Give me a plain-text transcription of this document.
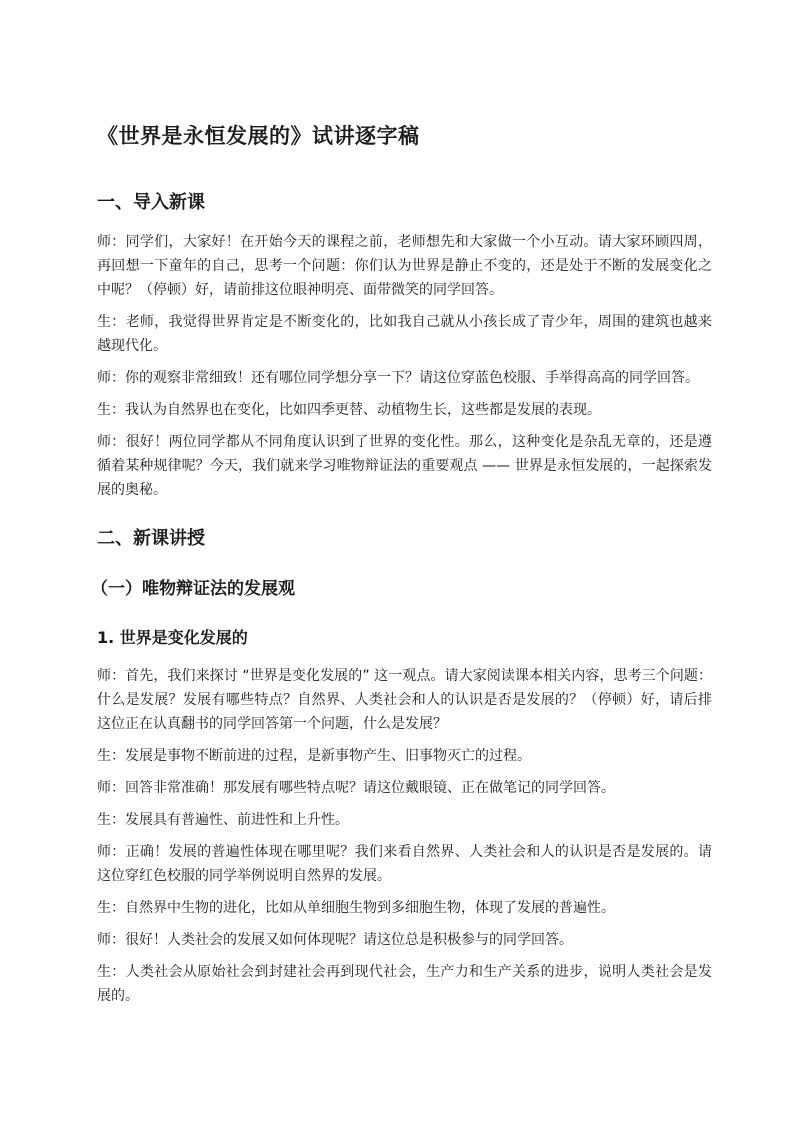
《世界是永恒发展的》试讲逐字稿
一、导入新课

师：同学们，大家好！在开始今天的课程之前，老师想先和大家做一个小互动。请大家环顾四周，再回想一下童年的自己，思考一个问题：你们认为世界是静止不变的，还是处于不断的发展变化之中呢？（停顿）好，请前排这位眼神明亮、面带微笑的同学回答。

生：老师，我觉得世界肯定是不断变化的，比如我自己就从小孩长成了青少年，周围的建筑也越来越现代化。

师：你的观察非常细致！还有哪位同学想分享一下？请这位穿蓝色校服、手举得高高的同学回答。

生：我认为自然界也在变化，比如四季更替、动植物生长，这些都是发展的表现。

师：很好！两位同学都从不同角度认识到了世界的变化性。那么，这种变化是杂乱无章的，还是遵循着某种规律呢？今天，我们就来学习唯物辩证法的重要观点 —— 世界是永恒发展的，一起探索发展的奥秘。

二、新课讲授
（一）唯物辩证法的发展观
1. 世界是变化发展的

师：首先，我们来探讨 “世界是变化发展的” 这一观点。请大家阅读课本相关内容，思考三个问题：什么是发展？发展有哪些特点？自然界、人类社会和人的认识是否是发展的？（停顿）好，请后排这位正在认真翻书的同学回答第一个问题，什么是发展？

生：发展是事物不断前进的过程，是新事物产生、旧事物灭亡的过程。

师：回答非常准确！那发展有哪些特点呢？请这位戴眼镜、正在做笔记的同学回答。

生：发展具有普遍性、前进性和上升性。

师：正确！发展的普遍性体现在哪里呢？我们来看自然界、人类社会和人的认识是否是发展的。请这位穿红色校服的同学举例说明自然界的发展。

生：自然界中生物的进化，比如从单细胞生物到多细胞生物，体现了发展的普遍性。

师：很好！人类社会的发展又如何体现呢？请这位总是积极参与的同学回答。

生：人类社会从原始社会到封建社会再到现代社会，生产力和生产关系的进步，说明人类社会是发展的。
